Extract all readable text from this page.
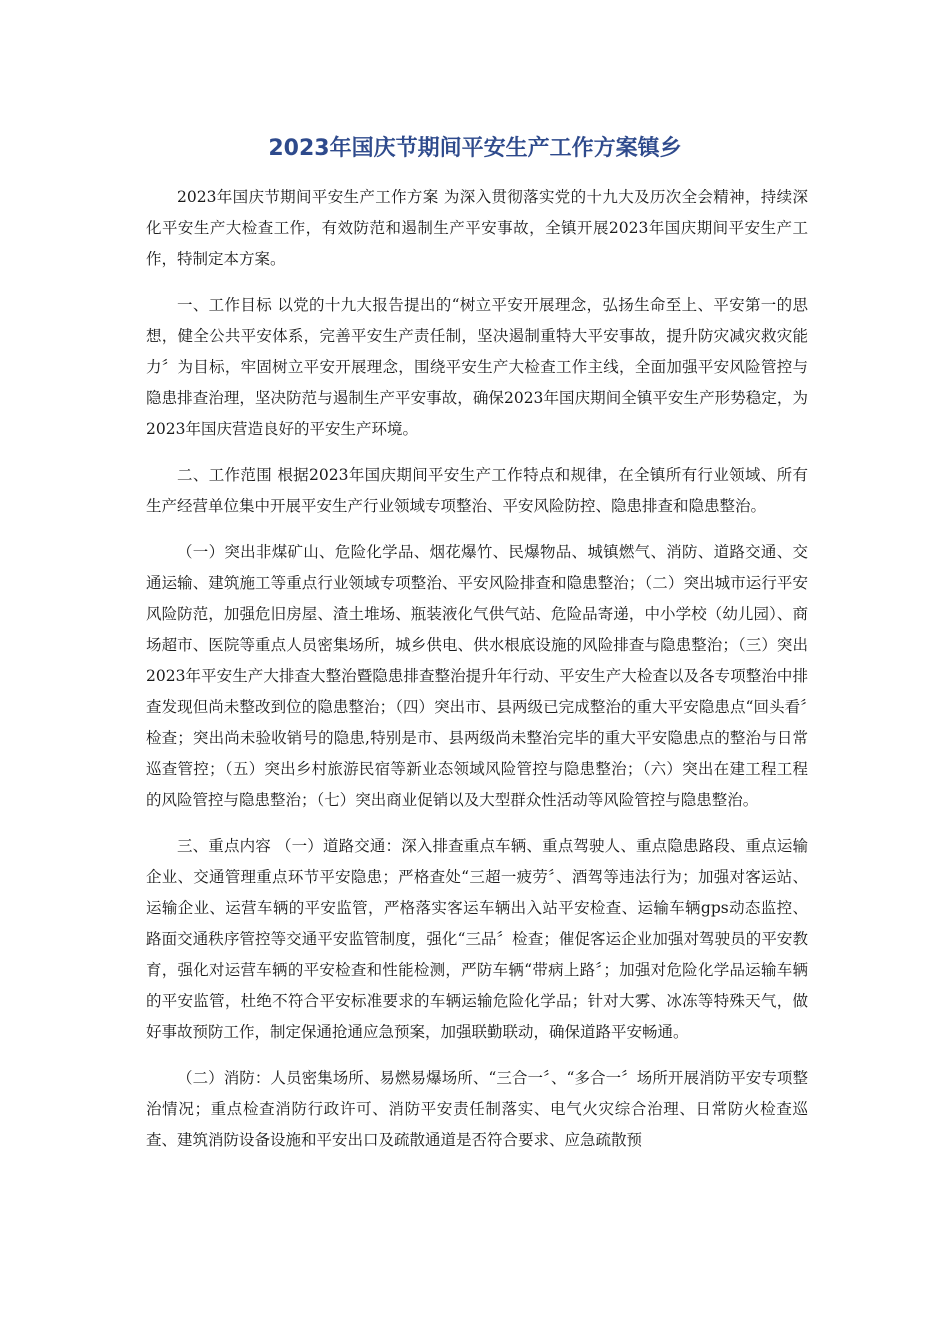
2023年国庆节期间平安生产工作方案镇乡

2023年国庆节期间平安生产工作方案 为深入贯彻落实党的十九大及历次全会精神，持续深化平安生产大检查工作，有效防范和遏制生产平安事故，全镇开展2023年国庆期间平安生产工作，特制定本方案。

一、工作目标 以党的十九大报告提出的“树立平安开展理念，弘扬生命至上、平安第一的思想，健全公共平安体系，完善平安生产责任制，坚决遏制重特大平安事故，提升防灾减灾救灾能力〞为目标，牢固树立平安开展理念，围绕平安生产大检查工作主线，全面加强平安风险管控与隐患排查治理，坚决防范与遏制生产平安事故，确保2023年国庆期间全镇平安生产形势稳定，为2023年国庆营造良好的平安生产环境。

二、工作范围 根据2023年国庆期间平安生产工作特点和规律，在全镇所有行业领域、所有生产经营单位集中开展平安生产行业领域专项整治、平安风险防控、隐患排查和隐患整治。

（一）突出非煤矿山、危险化学品、烟花爆竹、民爆物品、城镇燃气、消防、道路交通、交通运输、建筑施工等重点行业领域专项整治、平安风险排查和隐患整治；（二）突出城市运行平安风险防范，加强危旧房屋、渣土堆场、瓶装液化气供气站、危险品寄递，中小学校（幼儿园）、商场超市、医院等重点人员密集场所，城乡供电、供水根底设施的风险排查与隐患整治；（三）突出2023年平安生产大排查大整治暨隐患排查整治提升年行动、平安生产大检查以及各专项整治中排查发现但尚未整改到位的隐患整治；（四）突出市、县两级已完成整治的重大平安隐患点“回头看〞检查；突出尚未验收销号的隐患,特别是市、县两级尚未整治完毕的重大平安隐患点的整治与日常巡查管控；（五）突出乡村旅游民宿等新业态领域风险管控与隐患整治；（六）突出在建工程工程的风险管控与隐患整治；（七）突出商业促销以及大型群众性活动等风险管控与隐患整治。

三、重点内容 （一）道路交通：深入排查重点车辆、重点驾驶人、重点隐患路段、重点运输企业、交通管理重点环节平安隐患；严格查处“三超一疲劳〞、酒驾等违法行为；加强对客运站、运输企业、运营车辆的平安监管，严格落实客运车辆出入站平安检查、运输车辆gps动态监控、路面交通秩序管控等交通平安监管制度，强化“三品〞检查；催促客运企业加强对驾驶员的平安教育，强化对运营车辆的平安检查和性能检测，严防车辆“带病上路〞；加强对危险化学品运输车辆的平安监管，杜绝不符合平安标准要求的车辆运输危险化学品；针对大雾、冰冻等特殊天气，做好事故预防工作，制定保通抢通应急预案，加强联勤联动，确保道路平安畅通。

（二）消防：人员密集场所、易燃易爆场所、“三合一〞、“多合一〞场所开展消防平安专项整治情况；重点检查消防行政许可、消防平安责任制落实、电气火灾综合治理、日常防火检查巡查、建筑消防设备设施和平安出口及疏散通道是否符合要求、应急疏散预
